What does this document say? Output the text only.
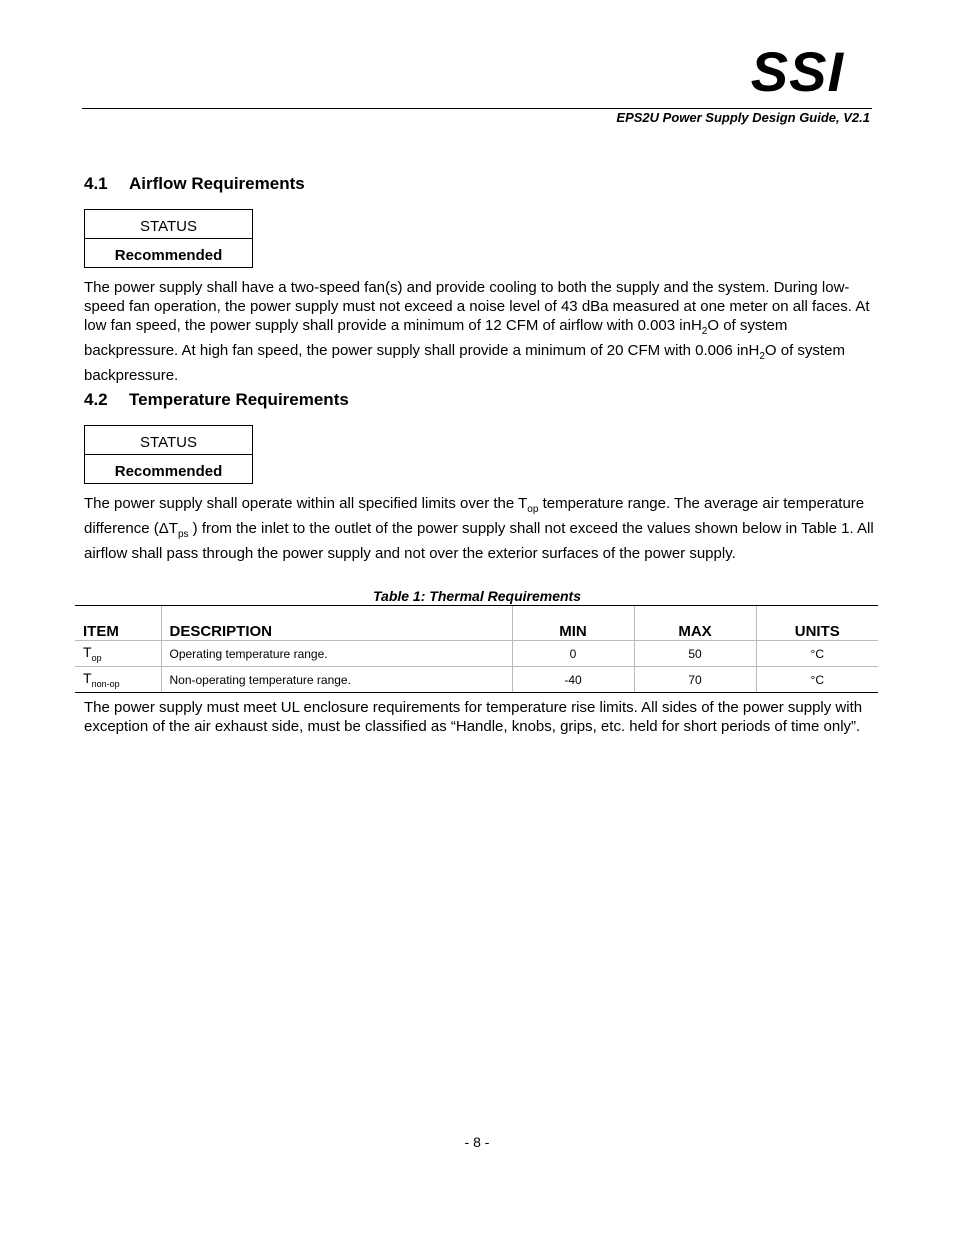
SSI
EPS2U Power Supply Design Guide, V2.1
4.1 Airflow Requirements
STATUS
Recommended

The power supply shall have a two-speed fan(s) and provide cooling to both the supply and the system. During low-speed fan operation, the power supply must not exceed a noise level of 43 dBa measured at one meter on all faces. At low fan speed, the power supply shall provide a minimum of 12 CFM of airflow with 0.003 inH$_2$O of system backpressure. At high fan speed, the power supply shall provide a minimum of 20 CFM with 0.006 inH$_2$O of system backpressure.

4.2 Temperature Requirements
STATUS
Recommended

The power supply shall operate within all specified limits over the $T_{op}$ temperature range. The average air temperature difference ($\Delta T_{ps}$ ) from the inlet to the outlet of the power supply shall not exceed the values shown below in Table 1. All airflow shall pass through the power supply and not over the exterior surfaces of the power supply.

Table 1: Thermal Requirements
ITEM	DESCRIPTION	MIN	MAX	UNITS
$T_{op}$	Operating temperature range.	0	50	°C
$T_{non-op}$	Non-operating temperature range.	-40	70	°C

The power supply must meet UL enclosure requirements for temperature rise limits. All sides of the power supply with exception of the air exhaust side, must be classified as “Handle, knobs, grips, etc. held for short periods of time only”.

- 8 -
